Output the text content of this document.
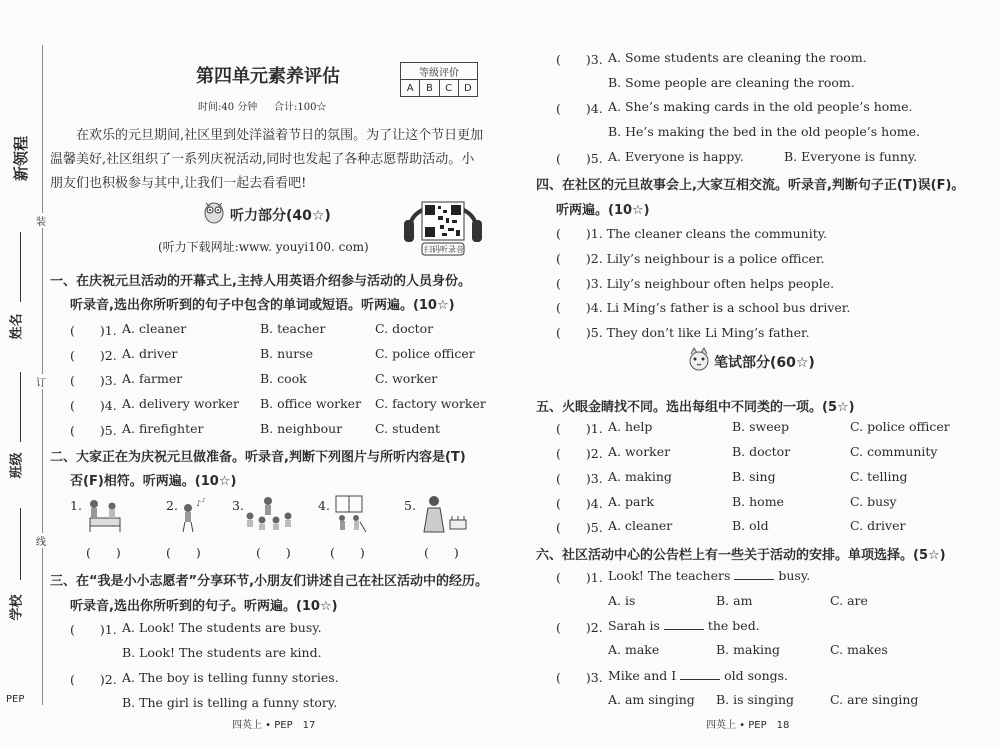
新领程
装
订
线
姓名
班级
学校
PEP
第四单元素养评估	等级评价
A	B	C	D
时间:40 分钟 合计:100☆
在欢乐的元旦期间,社区里到处洋溢着节日的氛围。为了让这个节日更加
温馨美好,社区组织了一系列庆祝活动,同时也发起了各种志愿帮助活动。小
朋友们也积极参与其中,让我们一起去看看吧!
听力部分(40☆)
(听力下载网址:www. youyi100. com)	扫码听录音
一、在庆祝元旦活动的开幕式上,主持人用英语介绍参与活动的人员身份。
听录音,选出你所听到的句子中包含的单词或短语。听两遍。(10☆)
(　　)1. A. cleaner	B. teacher	C. doctor
(　　)2. A. driver	B. nurse	C. police officer
(　　)3. A. farmer	B. cook	C. worker
(　　)4. A. delivery worker B. office worker C. factory worker
(　　)5. A. firefighter	B. neighbour	C. student
二、大家正在为庆祝元旦做准备。听录音,判断下列图片与所听内容是(T)
否(F)相符。听两遍。(10☆)
1.
(　　)
2. ♪ ♪
(　　)
3.
(　　)
4.
(　　)
5.
(　　)
三、在“我是小小志愿者”分享环节,小朋友们讲述自己在社区活动中的经历。
听录音,选出你所听到的句子。听两遍。(10☆)
(　　)1. A. Look! The students are busy.
B. Look! The students are kind.
(　　)2. A. The boy is telling funny stories.
B. The girl is telling a funny story.
四英上 • PEP　17
(　　)3. A. Some students are cleaning the room.
B. Some people are cleaning the room.
(　　)4. A. She’s making cards in the old people’s home.
B. He’s making the bed in the old people’s home.
(　　)5. A. Everyone is happy.	B. Everyone is funny.
四、在社区的元旦故事会上,大家互相交流。听录音,判断句子正(T)误(F)。
听两遍。(10☆)
(　　)1. The cleaner cleans the community.
(　　)2. Lily’s neighbour is a police officer.
(　　)3. Lily’s neighbour often helps people.
(　　)4. Li Ming’s father is a school bus driver.
(　　)5. They don’t like Li Ming’s father.
笔试部分(60☆)
五、火眼金睛找不同。选出每组中不同类的一项。(5☆)
(　　)1. A. help	B. sweep	C. police officer
(　　)2. A. worker	B. doctor	C. community
(　　)3. A. making	B. sing	C. telling
(　　)4. A. park	B. home	C. busy
(　　)5. A. cleaner	B. old	C. driver
六、社区活动中心的公告栏上有一些关于活动的安排。单项选择。(5☆)
(　　)1. Look! The teachers	busy.
A. is	B. am	C. are
(　　)2. Sarah is	the bed.
A. make	B. making	C. makes
(　　)3. Mike and I	old songs.
A. am singing B. is singing	C. are singing
四英上 • PEP　18
